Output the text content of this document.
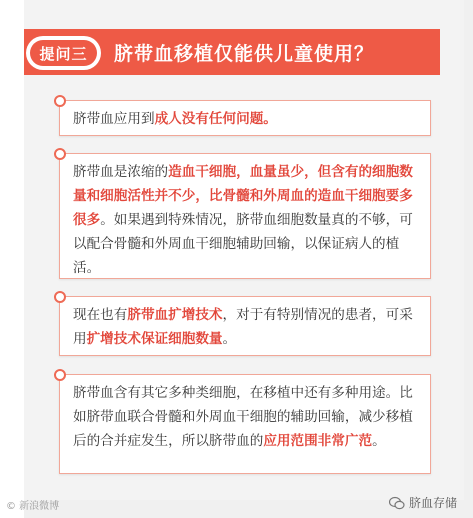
提问三	脐带血移植仅能供儿童使用？
脐带血应用到成人没有任何问题。
脐带血是浓缩的造血干细胞，血量虽少，但含有的细胞数量和细胞活性并不少，比骨髓和外周血的造血干细胞要多很多。如果遇到特殊情况，脐带血细胞数量真的不够，可以配合骨髓和外周血干细胞辅助回输，以保证病人的植活。
现在也有脐带血扩增技术，对于有特别情况的患者，可采用扩增技术保证细胞数量。
脐带血含有其它多种类细胞，在移植中还有多种用途。比如脐带血联合骨髓和外周血干细胞的辅助回输，减少移植后的合并症发生，所以脐带血的应用范围非常广范。
© 新浪微博	脐血存储
